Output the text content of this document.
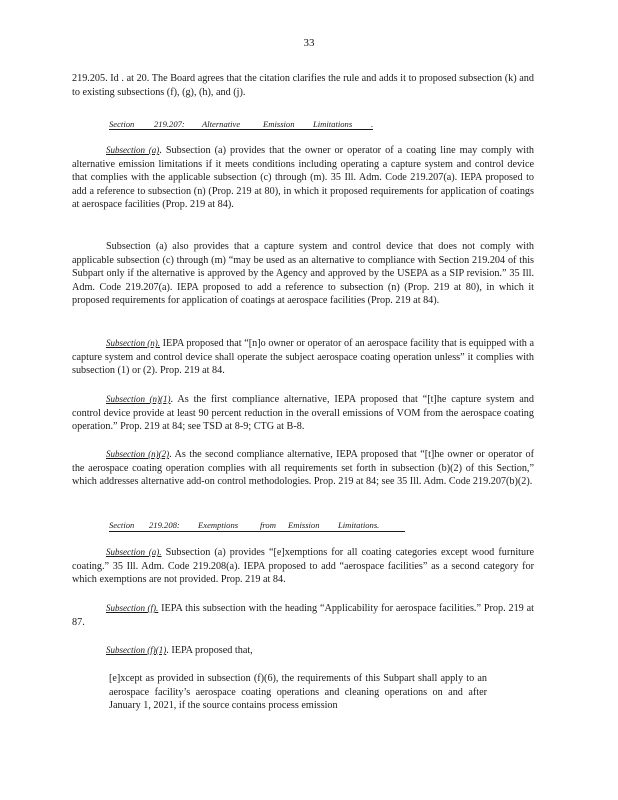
33
219.205. Id . at 20. The Board agrees that the citation clarifies the rule and adds it to proposed subsection (k) and to existing subsections (f), (g), (h), and (j).
Section 219.207: Alternative	Emission Limitations .
Subsection (a). Subsection (a) provides that the owner or operator of a coating line may comply with alternative emission limitations if it meets conditions including operating a capture system and control device that complies with the applicable subsection (c) through (m). 35 Ill. Adm. Code 219.207(a). IEPA proposed to add a reference to subsection (n) (Prop. 219 at 80), in which it proposed requirements for application of coatings at aerospace facilities (Prop. 219 at 84).
Subsection (a) also provides that a capture system and control device that does not comply with applicable subsection (c) through (m) “may be used as an alternative to compliance with Section 219.204 of this Subpart only if the alternative is approved by the Agency and approved by the USEPA as a SIP revision.” 35 Ill. Adm. Code 219.207(a). IEPA proposed to add a reference to subsection (n) (Prop. 219 at 80), in which it proposed requirements for application of coatings at aerospace facilities (Prop. 219 at 84).
Subsection (n). IEPA proposed that “[n]o owner or operator of an aerospace facility that is equipped with a capture system and control device shall operate the subject aerospace coating operation unless” it complies with subsection (1) or (2). Prop. 219 at 84.
Subsection (n)(1). As the first compliance alternative, IEPA proposed that “[t]he capture system and control device provide at least 90 percent reduction in the overall emissions of VOM from the aerospace coating operation.” Prop. 219 at 84; see TSD at 8-9; CTG at B-8.
Subsection (n)(2). As the second compliance alternative, IEPA proposed that “[t]he owner or operator of the aerospace coating operation complies with all requirements set forth in subsection (b)(2) of this Section,” which addresses alternative add-on control methodologies. Prop. 219 at 84; see 35 Ill. Adm. Code 219.207(b)(2).
Section 219.208: Exemptions	from Emission Limitations.
Subsection (a). Subsection (a) provides “[e]xemptions for all coating categories except wood furniture coating.” 35 Ill. Adm. Code 219.208(a). IEPA proposed to add “aerospace facilities” as a second category for which exemptions are not provided. Prop. 219 at 84.
Subsection (f). IEPA this subsection with the heading “Applicability for aerospace facilities.” Prop. 219 at 87.
Subsection (f)(1). IEPA proposed that,
[e]xcept as provided in subsection (f)(6), the requirements of this Subpart shall apply to an aerospace facility’s aerospace coating operations and cleaning operations on and after January 1, 2021, if the source contains process emission
